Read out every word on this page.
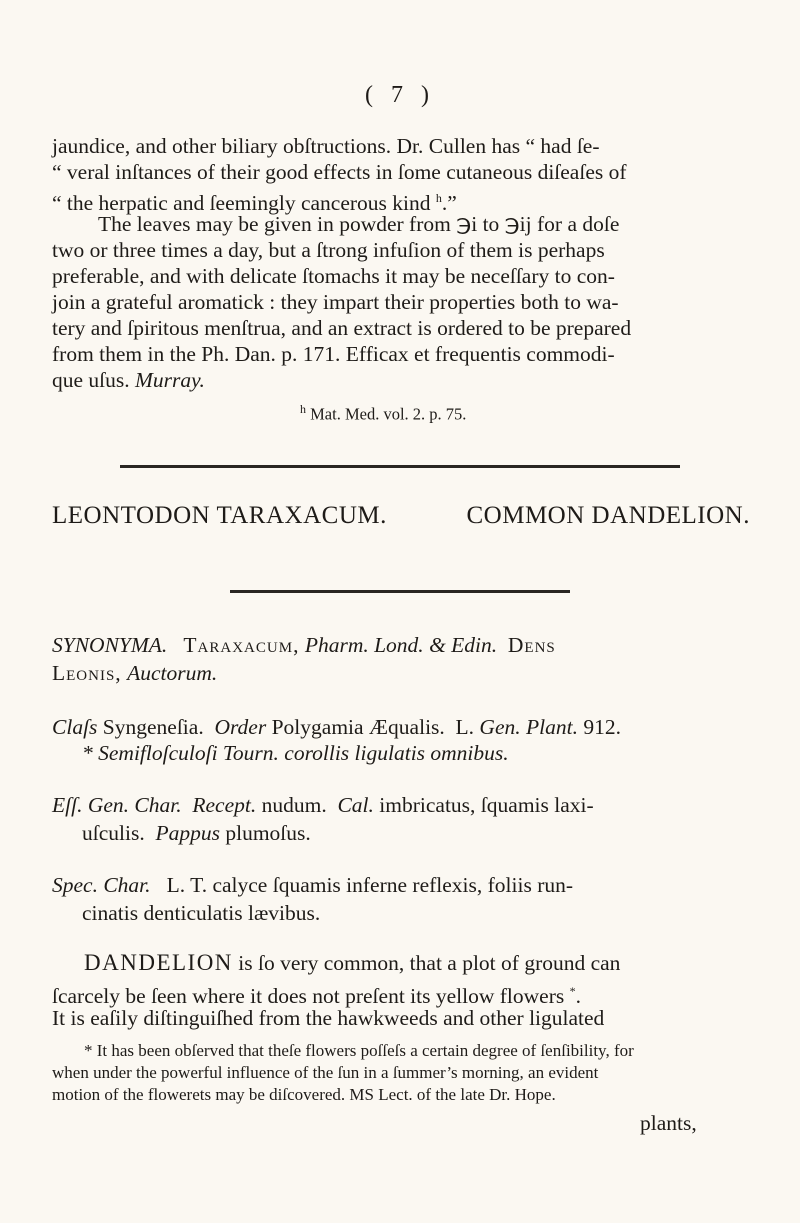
( 7 )
jaundice, and other biliary obſtructions. Dr. Cullen has “ had ſe-
“ veral inſtances of their good effects in ſome cutaneous diſeaſes of
“ the herpatic and ſeemingly cancerous kind $^h$.”
The leaves may be given in powder from ℈i to ℈ij for a doſe
two or three times a day, but a ſtrong infuſion of them is perhaps
preferable, and with delicate ſtomachs it may be neceſſary to con-
join a grateful aromatick : they impart their properties both to wa-
tery and ſpiritous menſtrua, and an extract is ordered to be prepared
from them in the Ph. Dan. p. 171. Efficax et frequentis commodi-
que uſus. Murray.
$^h$ Mat. Med. vol. 2. p. 75.
LEONTODON TARAXACUM.	COMMON DANDELION.
SYNONYMA. Taraxacum, Pharm. Lond. & Edin. Dens
Leonis, Auctorum.
Claſs Syngeneſia. Order Polygamia Æqualis. L. Gen. Plant. 912.
* Semifloſculoſi Tourn. corollis ligulatis omnibus.
Eſſ. Gen. Char. Recept. nudum. Cal. imbricatus, ſquamis laxi-
uſculis. Pappus plumoſus.
Spec. Char. L. T. calyce ſquamis inferne reflexis, foliis run-
cinatis denticulatis lævibus.
DANDELION is ſo very common, that a plot of ground can
ſcarcely be ſeen where it does not preſent its yellow flowers *.
It is eaſily diſtinguiſhed from the hawkweeds and other ligulated
* It has been obſerved that theſe flowers poſſeſs a certain degree of ſenſibility, for
when under the powerful influence of the ſun in a ſummer’s morning, an evident
motion of the flowerets may be diſcovered. MS Lect. of the late Dr. Hope.
plants,
